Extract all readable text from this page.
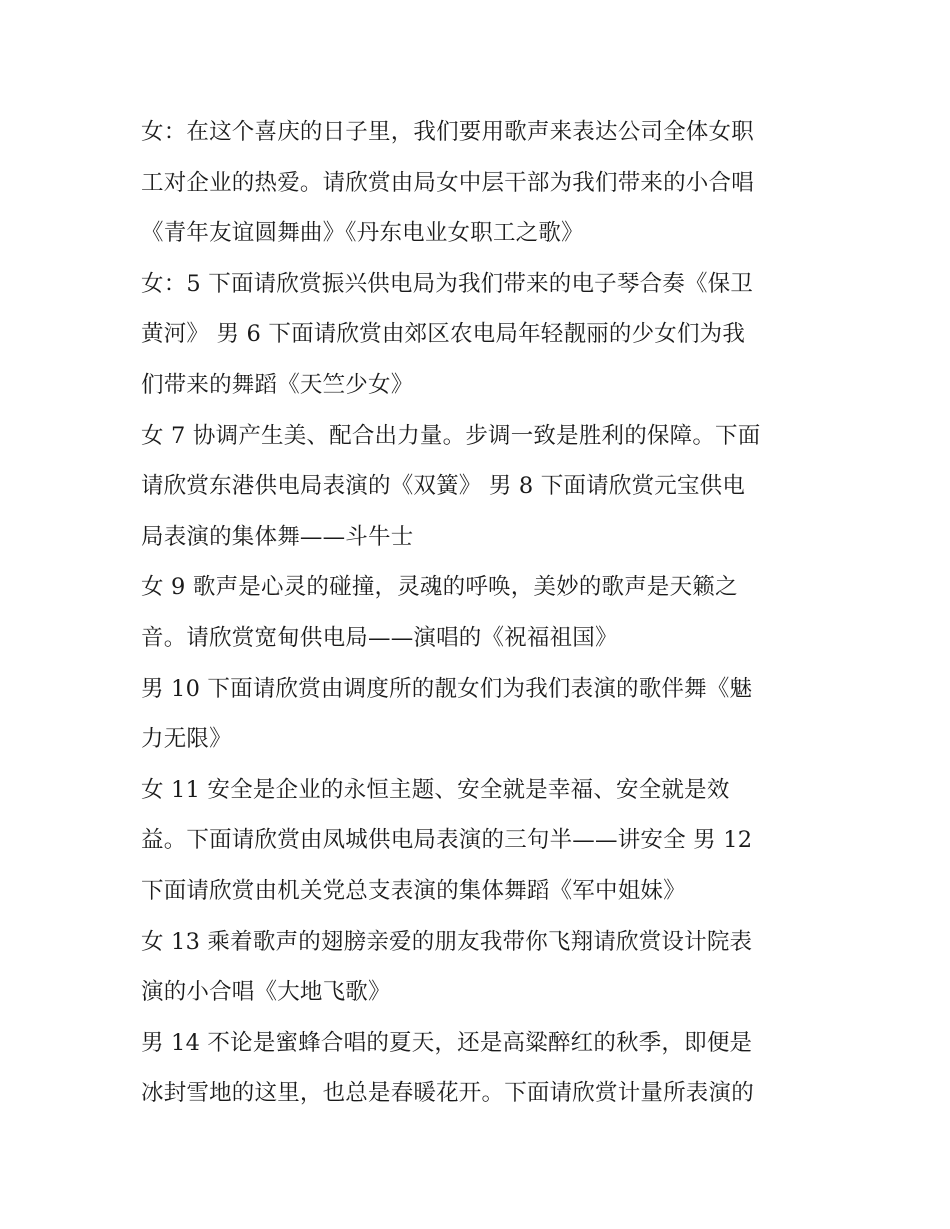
女：在这个喜庆的日子里，我们要用歌声来表达公司全体女职
工对企业的热爱。请欣赏由局女中层干部为我们带来的小合唱
《青年友谊圆舞曲》《丹东电业女职工之歌》
女：5 下面请欣赏振兴供电局为我们带来的电子琴合奏《保卫
黄河》 男 6 下面请欣赏由郊区农电局年轻靓丽的少女们为我
们带来的舞蹈《天竺少女》
女 7 协调产生美、配合出力量。步调一致是胜利的保障。下面
请欣赏东港供电局表演的《双簧》 男 8 下面请欣赏元宝供电
局表演的集体舞——斗牛士
女 9 歌声是心灵的碰撞，灵魂的呼唤，美妙的歌声是天籁之
音。请欣赏宽甸供电局——演唱的《祝福祖国》
男 10 下面请欣赏由调度所的靓女们为我们表演的歌伴舞《魅
力无限》
女 11 安全是企业的永恒主题、安全就是幸福、安全就是效
益。下面请欣赏由凤城供电局表演的三句半——讲安全 男 12
下面请欣赏由机关党总支表演的集体舞蹈《军中姐妹》
女 13 乘着歌声的翅膀亲爱的朋友我带你飞翔请欣赏设计院表
演的小合唱《大地飞歌》
男 14 不论是蜜蜂合唱的夏天，还是高粱醉红的秋季，即便是
冰封雪地的这里，也总是春暖花开。下面请欣赏计量所表演的
